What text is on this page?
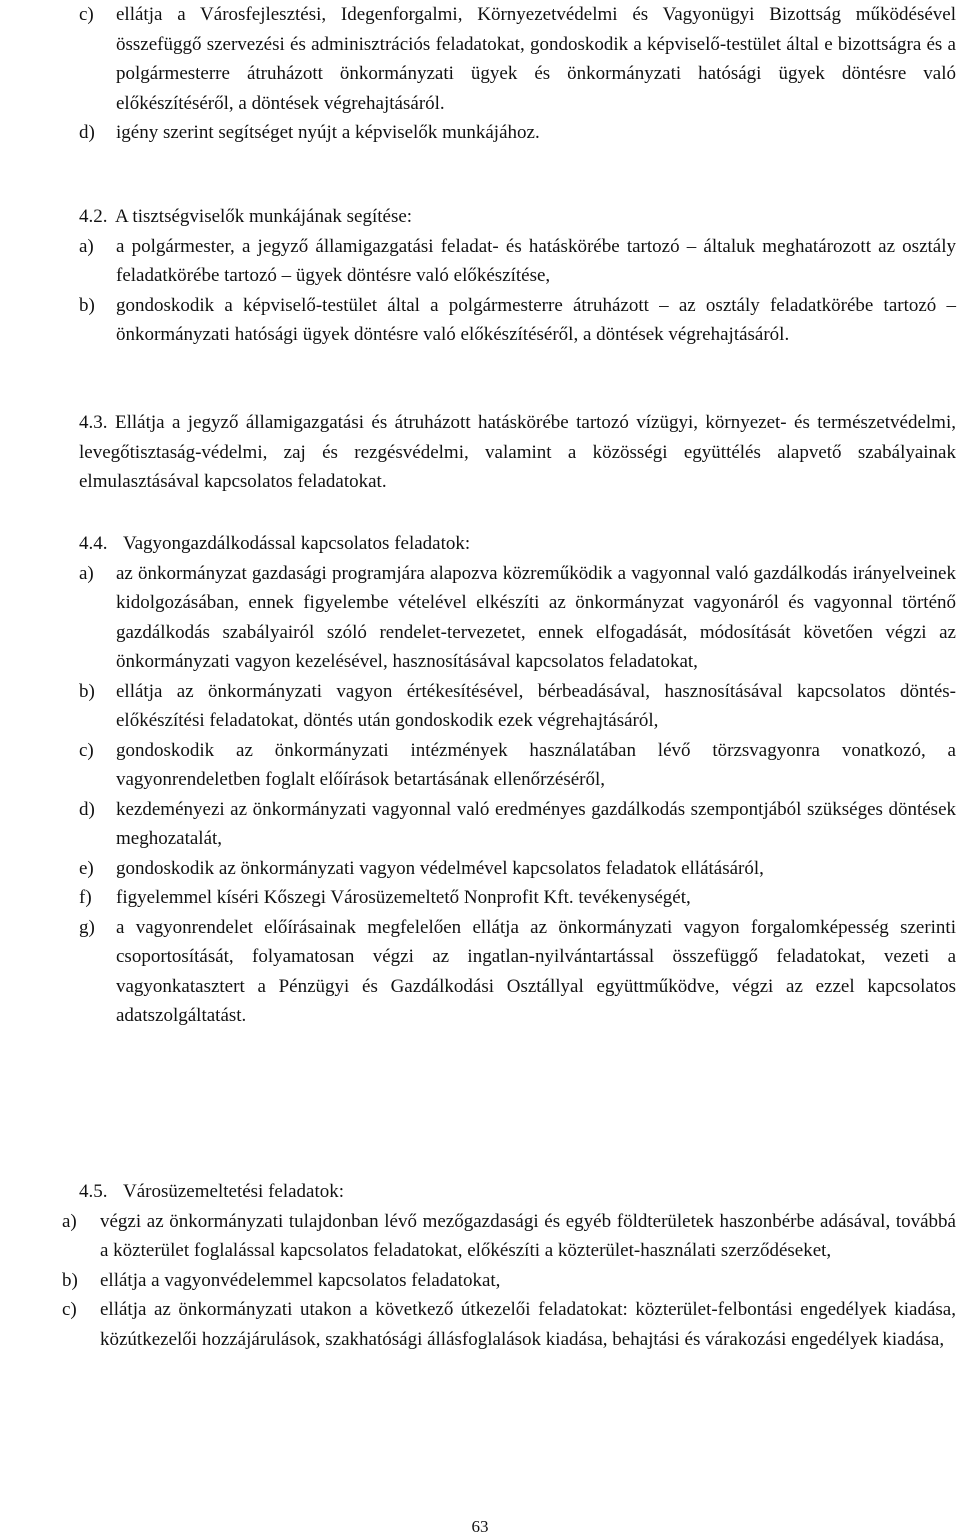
c) ellátja a Városfejlesztési, Idegenforgalmi, Környezetvédelmi és Vagyonügyi Bizottság működésével összefüggő szervezési és adminisztrációs feladatokat, gondoskodik a képviselő-testület által e bizottságra és a polgármesterre átruházott önkormányzati ügyek és önkormányzati hatósági ügyek döntésre való előkészítéséről, a döntések végrehajtásáról.

d) igény szerint segítséget nyújt a képviselők munkájához.

4.2. A tisztségviselők munkájának segítése:
a) a polgármester, a jegyző államigazgatási feladat- és hatáskörébe tartozó – általuk meghatározott az osztály feladatkörébe tartozó – ügyek döntésre való előkészítése,

b) gondoskodik a képviselő-testület által a polgármesterre átruházott – az osztály feladatkörébe tartozó – önkormányzati hatósági ügyek döntésre való előkészítéséről, a döntések végrehajtásáról.

4.3. Ellátja a jegyző államigazgatási és átruházott hatáskörébe tartozó vízügyi, környezet- és természetvédelmi, levegőtisztaság-védelmi, zaj és rezgésvédelmi, valamint a közösségi együttélés alapvető szabályainak elmulasztásával kapcsolatos feladatokat.
4.4. Vagyongazdálkodással kapcsolatos feladatok:
a) az önkormányzat gazdasági programjára alapozva közreműködik a vagyonnal való gazdálkodás irányelveinek kidolgozásában, ennek figyelembe vételével elkészíti az önkormányzat vagyonáról és vagyonnal történő gazdálkodás szabályairól szóló rendelet-tervezetet, ennek elfogadását, módosítását követően végzi az önkormányzati vagyon kezelésével, hasznosításával kapcsolatos feladatokat,

b) ellátja az önkormányzati vagyon értékesítésével, bérbeadásával, hasznosításával kapcsolatos döntés-előkészítési feladatokat, döntés után gondoskodik ezek végrehajtásáról,

c) gondoskodik az önkormányzati intézmények használatában lévő törzsvagyonra vonatkozó, a vagyonrendeletben foglalt előírások betartásának ellenőrzéséről,

d) kezdeményezi az önkormányzati vagyonnal való eredményes gazdálkodás szempontjából szükséges döntések meghozatalát,

e) gondoskodik az önkormányzati vagyon védelmével kapcsolatos feladatok ellátásáról,

f) figyelemmel kíséri Kőszegi Városüzemeltető Nonprofit Kft. tevékenységét,

g) a vagyonrendelet előírásainak megfelelően ellátja az önkormányzati vagyon forgalomképesség szerinti csoportosítását, folyamatosan végzi az ingatlan-nyilvántartással összefüggő feladatokat, vezeti a vagyonkatasztert a Pénzügyi és Gazdálkodási Osztállyal együttműködve, végzi az ezzel kapcsolatos adatszolgáltatást.

4.5. Városüzemeltetési feladatok:
a) végzi az önkormányzati tulajdonban lévő mezőgazdasági és egyéb földterületek haszonbérbe adásával, továbbá a közterület foglalással kapcsolatos feladatokat, előkészíti a közterület-használati szerződéseket,

b) ellátja a vagyonvédelemmel kapcsolatos feladatokat,

c) ellátja az önkormányzati utakon a következő útkezelői feladatokat: közterület-felbontási engedélyek kiadása, közútkezelői hozzájárulások, szakhatósági állásfoglalások kiadása, behajtási és várakozási engedélyek kiadása,

63
